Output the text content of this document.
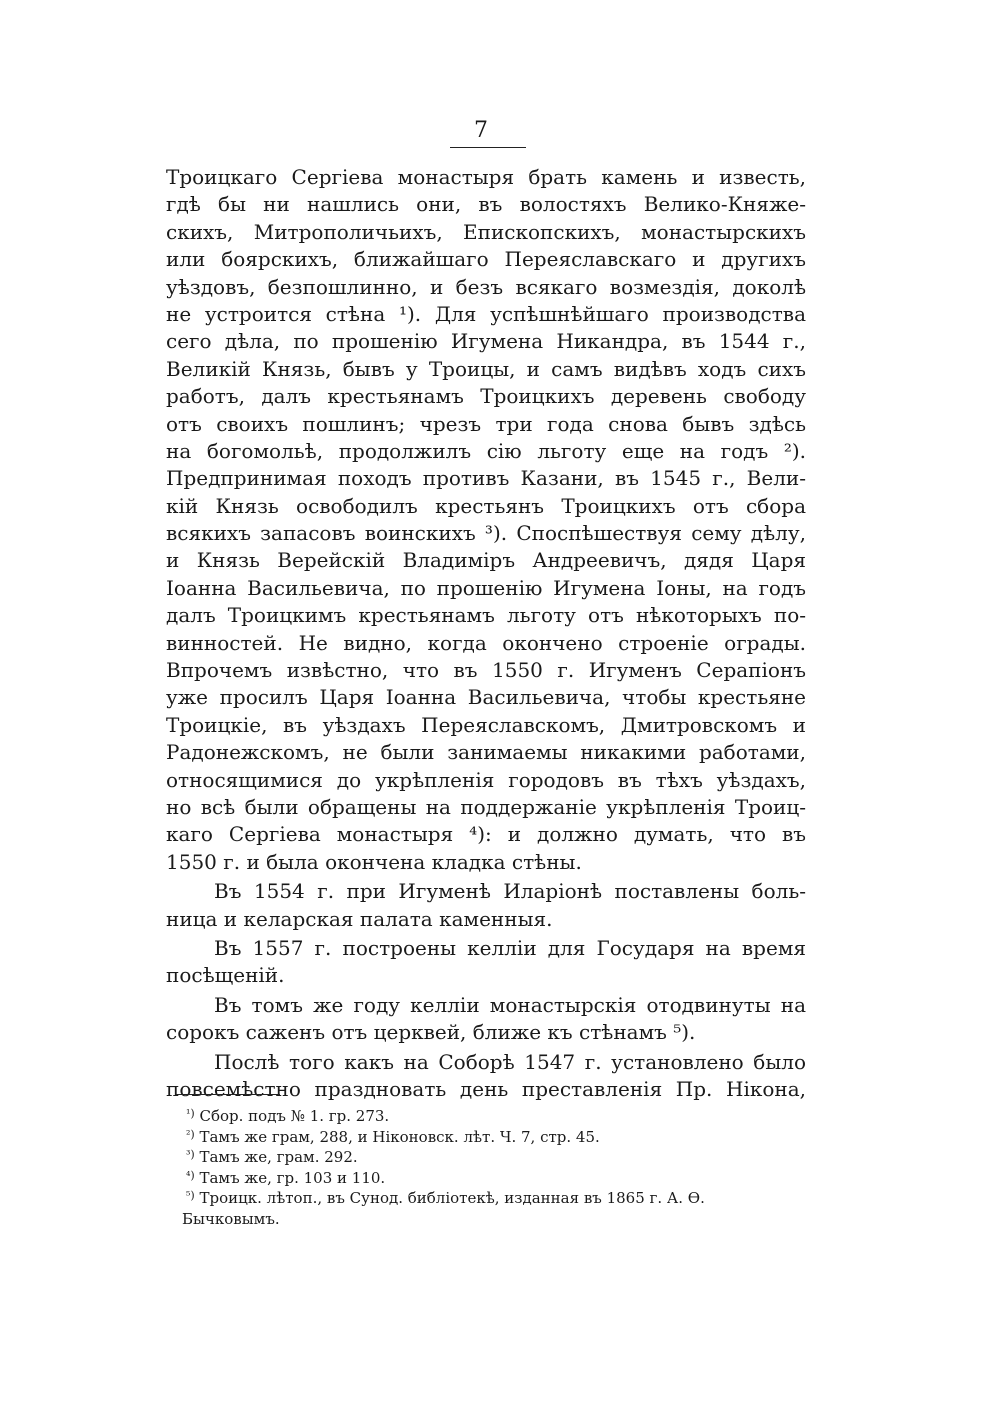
7
Троицкаго Сергіева монастыря брать камень и известь,
гдѣ бы ни нашлись они, въ волостяхъ Велико-Княже-
скихъ, Митрополичьихъ, Епископскихъ, монастырскихъ
или боярскихъ, ближайшаго Переяславскаго и другихъ
уѣздовъ, безпошлинно, и безъ всякаго возмездія, доколѣ
не устроится стѣна ¹). Для успѣшнѣйшаго производства
сего дѣла, по прошенію Игумена Никандра, въ 1544 г.,
Великій Князь, бывъ у Троицы, и самъ видѣвъ ходъ сихъ
работъ, далъ крестьянамъ Троицкихъ деревень свободу
отъ своихъ пошлинъ; чрезъ три года снова бывъ здѣсь
на богомольѣ, продолжилъ сію льготу еще на годъ ²).
Предпринимая походъ противъ Казани, въ 1545 г., Вели-
кій Князь освободилъ крестьянъ Троицкихъ отъ сбора
всякихъ запасовъ воинскихъ ³). Споспѣшествуя сему дѣлу,
и Князь Верейскій Владиміръ Андреевичъ, дядя Царя
Іоанна Васильевича, по прошенію Игумена Іоны, на годъ
далъ Троицкимъ крестьянамъ льготу отъ нѣкоторыхъ по-
винностей. Не видно, когда окончено строеніе ограды.
Впрочемъ извѣстно, что въ 1550 г. Игуменъ Серапіонъ
уже просилъ Царя Іоанна Васильевича, чтобы крестьяне
Троицкіе, въ уѣздахъ Переяславскомъ, Дмитровскомъ и
Радонежскомъ, не были занимаемы никакими работами,
относящимися до укрѣпленія городовъ въ тѣхъ уѣздахъ,
но всѣ были обращены на поддержаніе укрѣпленія Троиц-
каго Сергіева монастыря ⁴): и должно думать, что въ
1550 г. и была окончена кладка стѣны.
Въ 1554 г. при Игуменѣ Иларіонѣ поставлены боль-
ница и келарская палата каменныя.
Въ 1557 г. построены келліи для Государя на время
посѣщеній.
Въ томъ же году келліи монастырскія отодвинуты на
сорокъ саженъ отъ церквей, ближе къ стѣнамъ ⁵).
Послѣ того какъ на Соборѣ 1547 г. установлено было
повсемѣстно праздновать день преставленія Пр. Нікона,
$^{^1)}$ Сбор. подъ № 1. гр. 273.
$^{^2)}$ Тамъ же грам, 288, и Ніконовск. лѣт. Ч. 7, стр. 45.
$^{^3)}$ Тамъ же, грам. 292.
$^{^4)}$ Тамъ же, гр. 103 и 110.
$^{^5)}$ Троицк. лѣтоп., въ Сунод. библіотекѣ, изданная въ 1865 г. А. Ѳ.
Бычковымъ.
